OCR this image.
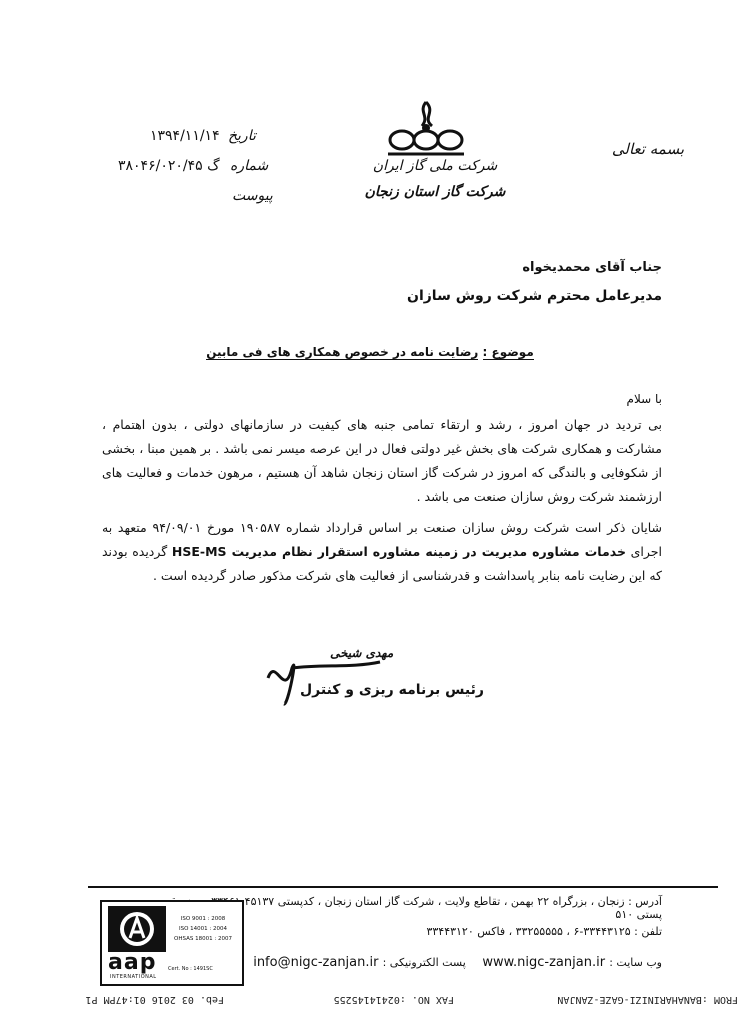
بسمه تعالی
شرکت ملی گاز ایران
شرکت گاز استان زنجان
تاریخ
۱۳۹۴/۱۱/۱۴
شماره
گ ۳۸۰۴۶/۰۲۰/۴۵
پیوست
جناب آقای محمدیخواه
مدیرعامل محترم شرکت روش سازان
موضوع : رضایت نامه در خصوص همکاری های فی مابین
با سلام
بی تردید در جهان امروز ، رشد و ارتقاء تمامی جنبه های کیفیت در سازمانهای دولتی ، بدون اهتمام ، مشارکت و همکاری شرکت های بخش غیر دولتی فعال در این عرصه میسر نمی باشد . بر همین مبنا ، بخشی از شکوفایی و بالندگی که امروز در شرکت گاز استان زنجان شاهد آن هستیم ، مرهون خدمات و فعالیت های ارزشمند شرکت روش سازان صنعت می باشد .
شایان ذکر است شرکت روش سازان صنعت بر اساس قرارداد شماره ۱۹۰۵۸۷ مورخ ۹۴/۰۹/۰۱ متعهد به اجرای خدمات مشاوره مدیریت در زمینه مشاوره استقرار نظام مدیریت HSE-MS گردیده بودند که این رضایت نامه بنابر پاسداشت و قدرشناسی از فعالیت های شرکت مذکور صادر گردیده است .
مهدی شیخی
رئیس برنامه ریزی و کنترل
آدرس : زنجان ، بزرگراه ۲۲ بهمن ، تقاطع ولایت ، شرکت گاز استان زنجان ، کدپستی ۴۵۱۳۷ پستی ۵۱۰
تلفن : ۳۳۴۴۳۱۲۵-۶ ، ۳۳۲۵۵۵۵۵ ، فاکس ۳۳۴۴۳۱۲۰
وب سایت : www.nigc-zanjan.ir    پست الکترونیکی : info@nigc-zanjan.ir
aap
INTERNATIONAL
ISO 9001 : 2008
ISO 14001 : 2004
OHSAS 18001 : 2007
Cert. No : 1491SC
FROM :BANAHARINIZI-GAZE-ZANJAN
FAX NO. :02414145255
Feb. 03 2016 01:47PM P1
